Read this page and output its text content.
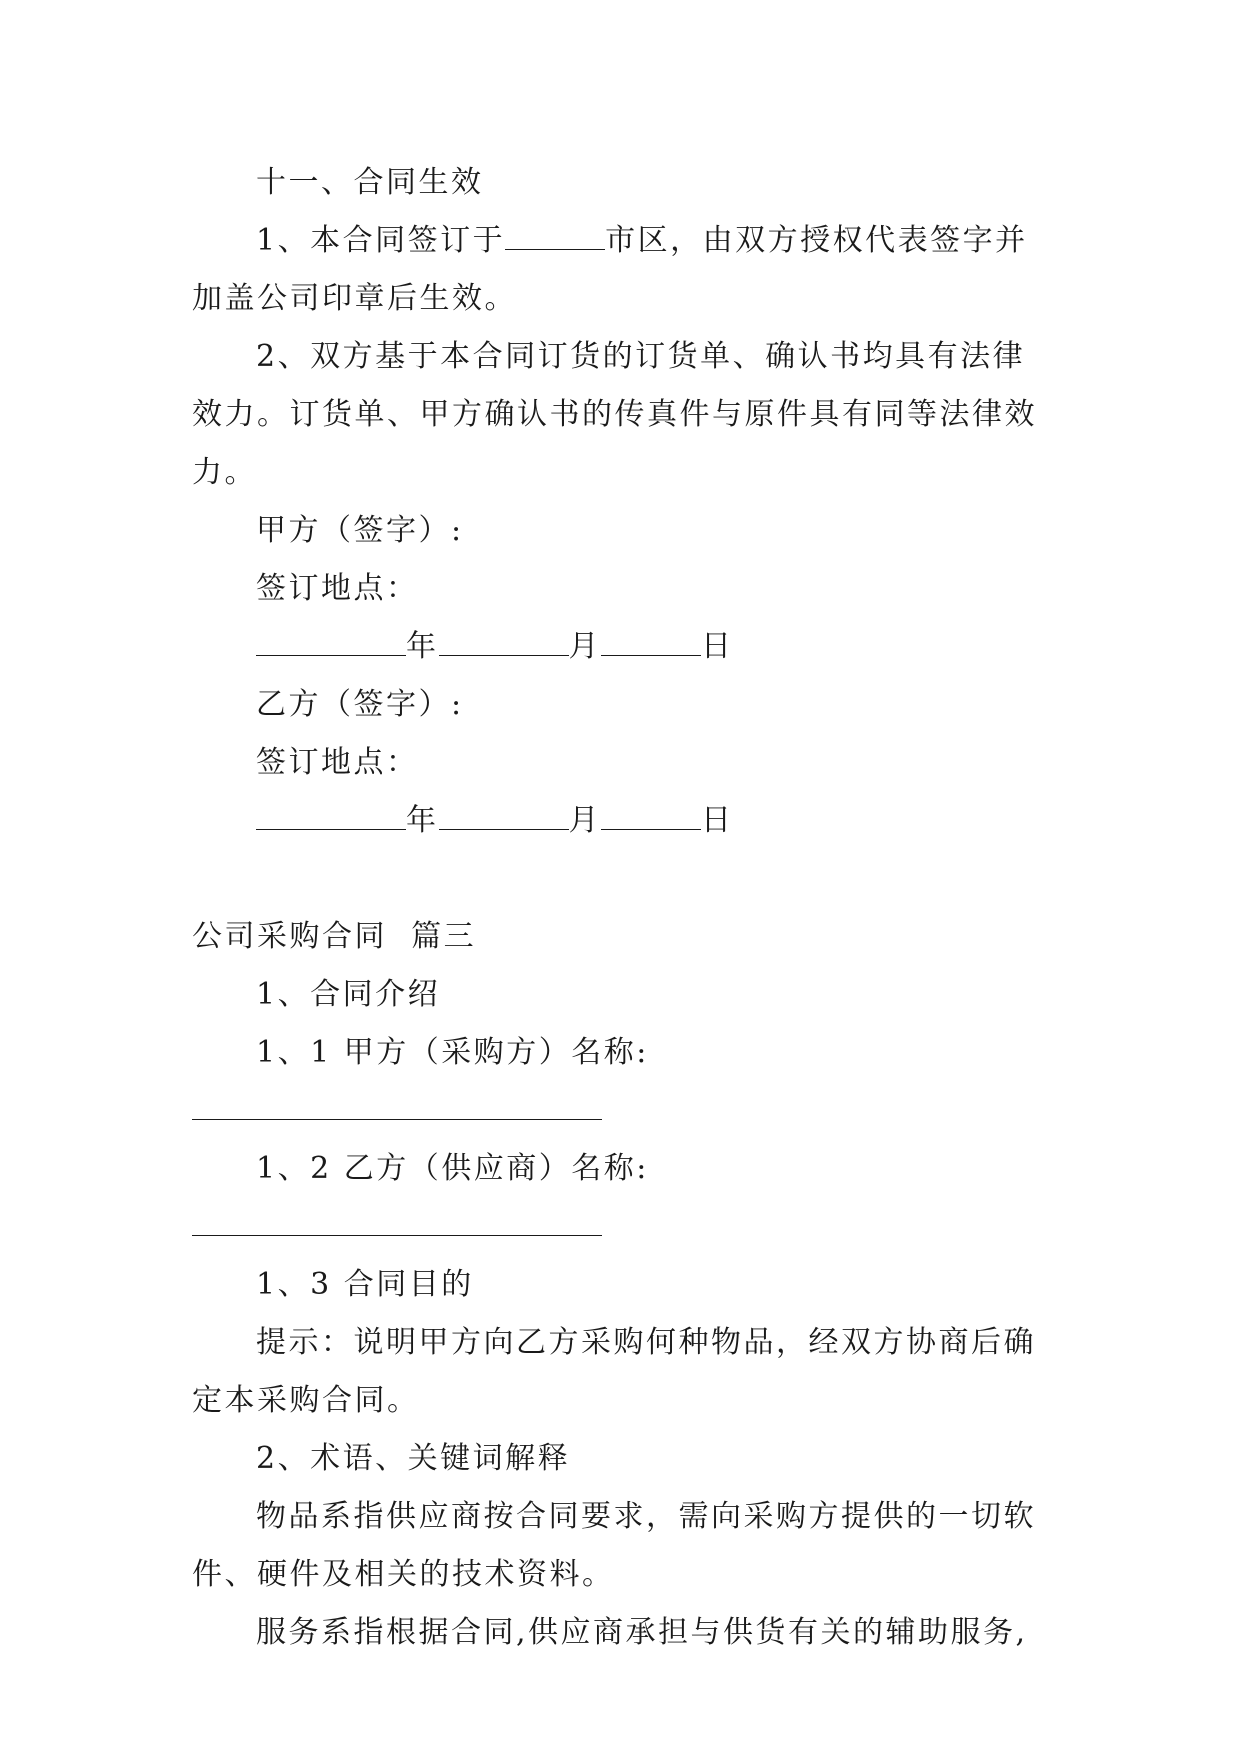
十一、合同生效

1、本合同签订于	市区，由双方授权代表签字并加盖公司印章后生效。

2、双方基于本合同订货的订货单、确认书均具有法律效力。订货单、甲方确认书的传真件与原件具有同等法律效力。

甲方（签字）:

签订地点：

年	月	日

乙方（签字）:

签订地点：

年	月	日

公司采购合同  篇三

1、合同介绍

1、1 甲方（采购方）名称:

1、2 乙方（供应商）名称:

1、3 合同目的

提示：说明甲方向乙方采购何种物品，经双方协商后确定本采购合同。

2、术语、关键词解释

物品系指供应商按合同要求，需向采购方提供的一切软件、硬件及相关的技术资料。

服务系指根据合同,供应商承担与供货有关的辅助服务,
